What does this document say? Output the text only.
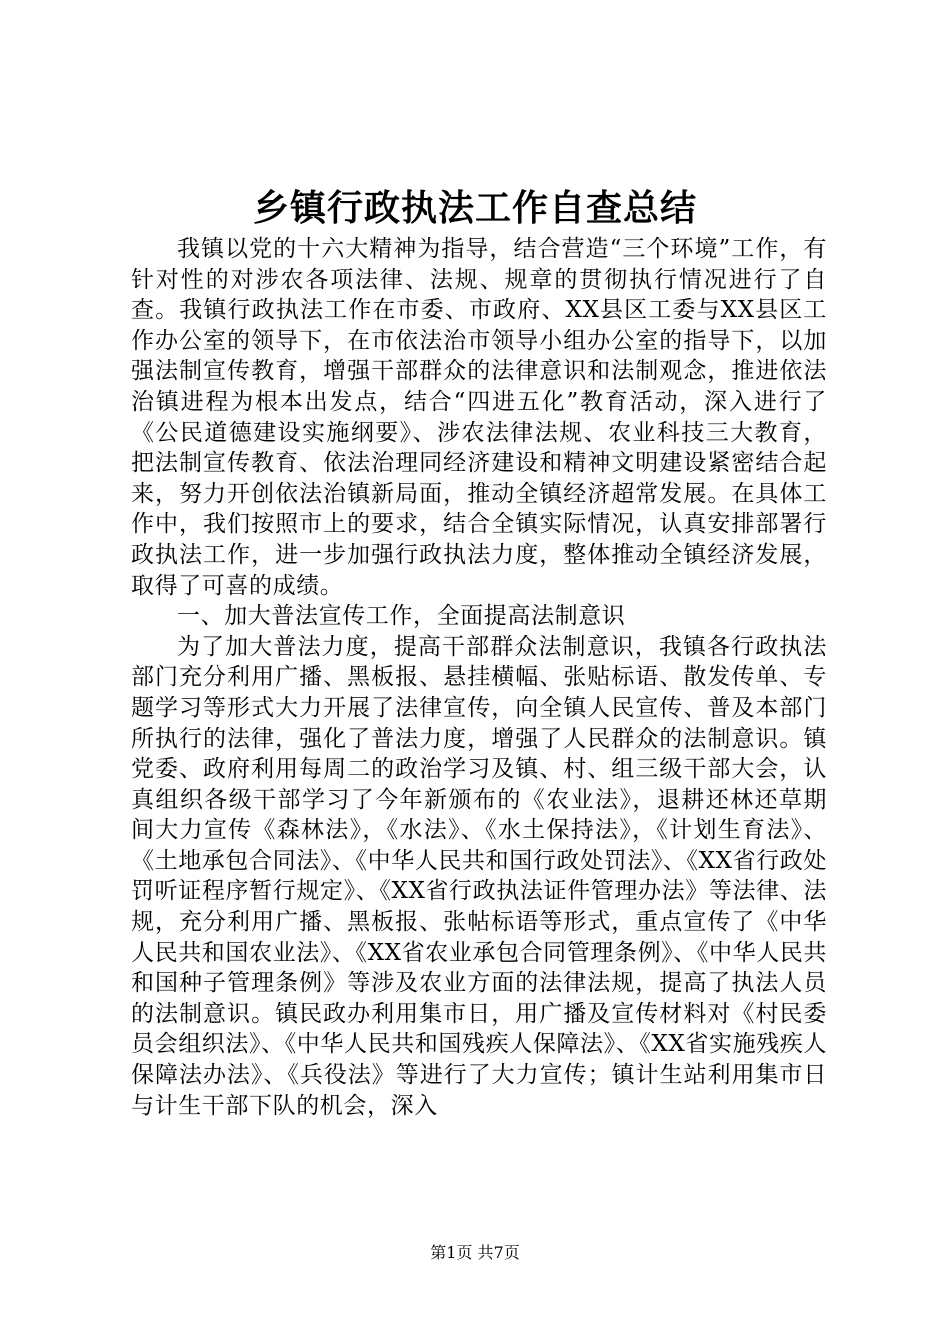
乡镇行政执法工作自查总结

我镇以党的十六大精神为指导，结合营造“三个环境”工作，有针对性的对涉农各项法律、法规、规章的贯彻执行情况进行了自查。我镇行政执法工作在市委、市政府、XX县区工委与XX县区工作办公室的领导下，在市依法治市领导小组办公室的指导下，以加强法制宣传教育，增强干部群众的法律意识和法制观念，推进依法治镇进程为根本出发点，结合“四进五化”教育活动，深入进行了《公民道德建设实施纲要》、涉农法律法规、农业科技三大教育，把法制宣传教育、依法治理同经济建设和精神文明建设紧密结合起来，努力开创依法治镇新局面，推动全镇经济超常发展。在具体工作中，我们按照市上的要求，结合全镇实际情况，认真安排部署行政执法工作，进一步加强行政执法力度，整体推动全镇经济发展，取得了可喜的成绩。

一、加大普法宣传工作，全面提高法制意识

为了加大普法力度，提高干部群众法制意识，我镇各行政执法部门充分利用广播、黑板报、悬挂横幅、张贴标语、散发传单、专题学习等形式大力开展了法律宣传，向全镇人民宣传、普及本部门所执行的法律，强化了普法力度，增强了人民群众的法制意识。镇党委、政府利用每周二的政治学习及镇、村、组三级干部大会，认真组织各级干部学习了今年新颁布的《农业法》，退耕还林还草期间大力宣传《森林法》，《水法》、《水土保持法》，《计划生育法》、《土地承包合同法》、《中华人民共和国行政处罚法》、《XX省行政处罚听证程序暂行规定》、《XX省行政执法证件管理办法》等法律、法规，充分利用广播、黑板报、张帖标语等形式，重点宣传了《中华人民共和国农业法》、《XX省农业承包合同管理条例》、《中华人民共和国种子管理条例》等涉及农业方面的法律法规，提高了执法人员的法制意识。镇民政办利用集市日，用广播及宣传材料对《村民委员会组织法》、《中华人民共和国残疾人保障法》、《XX省实施残疾人保障法办法》、《兵役法》等进行了大力宣传；镇计生站利用集市日与计生干部下队的机会，深入

第1页 共7页
